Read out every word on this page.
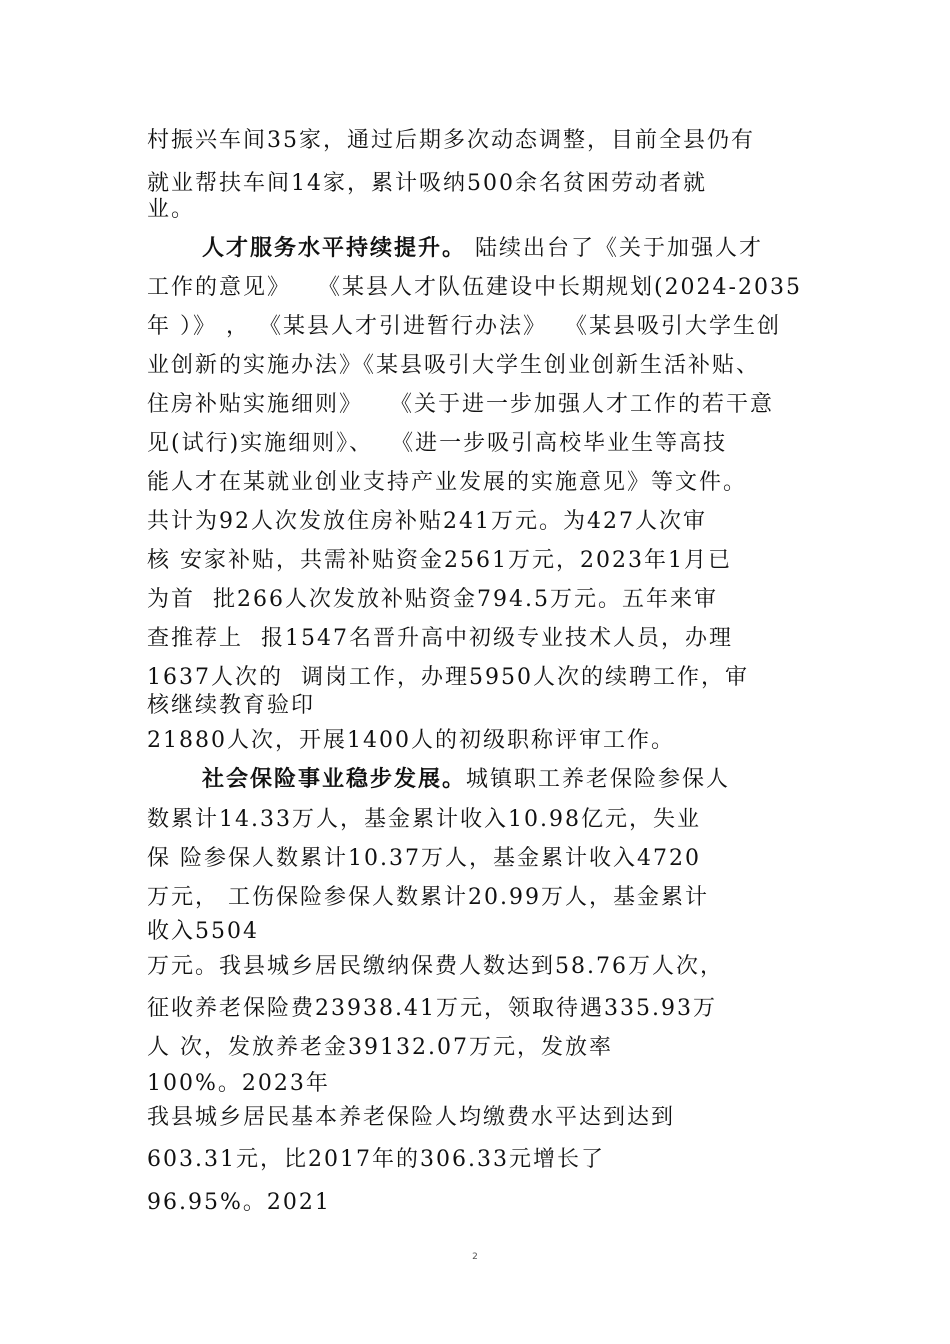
村振兴车间35家，通过后期多次动态调整，目前全县仍有
就业帮扶车间14家，累计吸纳500余名贫困劳动者就
业。
人才服务水平持续提升。 陆续出台了《关于加强人才
工作的意见》   《某县人才队伍建设中长期规划(2024-2035
年 ）》 ， 《某县人才引进暂行办法》  《某县吸引大学生创
业创新的实施办法》《某县吸引大学生创业创新生活补贴、
住房补贴实施细则》   《关于进一步加强人才工作的若干意
见(试行)实施细则》、  《进一步吸引高校毕业生等高技
能人才在某就业创业支持产业发展的实施意见》等文件。
共计为92人次发放住房补贴241万元。为427人次审
核 安家补贴，共需补贴资金2561万元，2023年1月已
为首  批266人次发放补贴资金794.5万元。五年来审
查推荐上  报1547名晋升高中初级专业技术人员，办理
1637人次的  调岗工作，办理5950人次的续聘工作，审
核继续教育验印
21880人次，开展1400人的初级职称评审工作。
社会保险事业稳步发展。城镇职工养老保险参保人
数累计14.33万人，基金累计收入10.98亿元，失业
保 险参保人数累计10.37万人，基金累计收入4720
万元， 工伤保险参保人数累计20.99万人，基金累计
收入5504
万元。我县城乡居民缴纳保费人数达到58.76万人次，
征收养老保险费23938.41万元，领取待遇335.93万
人 次，发放养老金39132.07万元，发放率
100%。2023年
我县城乡居民基本养老保险人均缴费水平达到达到
603.31元，比2017年的306.33元增长了
96.95%。2021
2
